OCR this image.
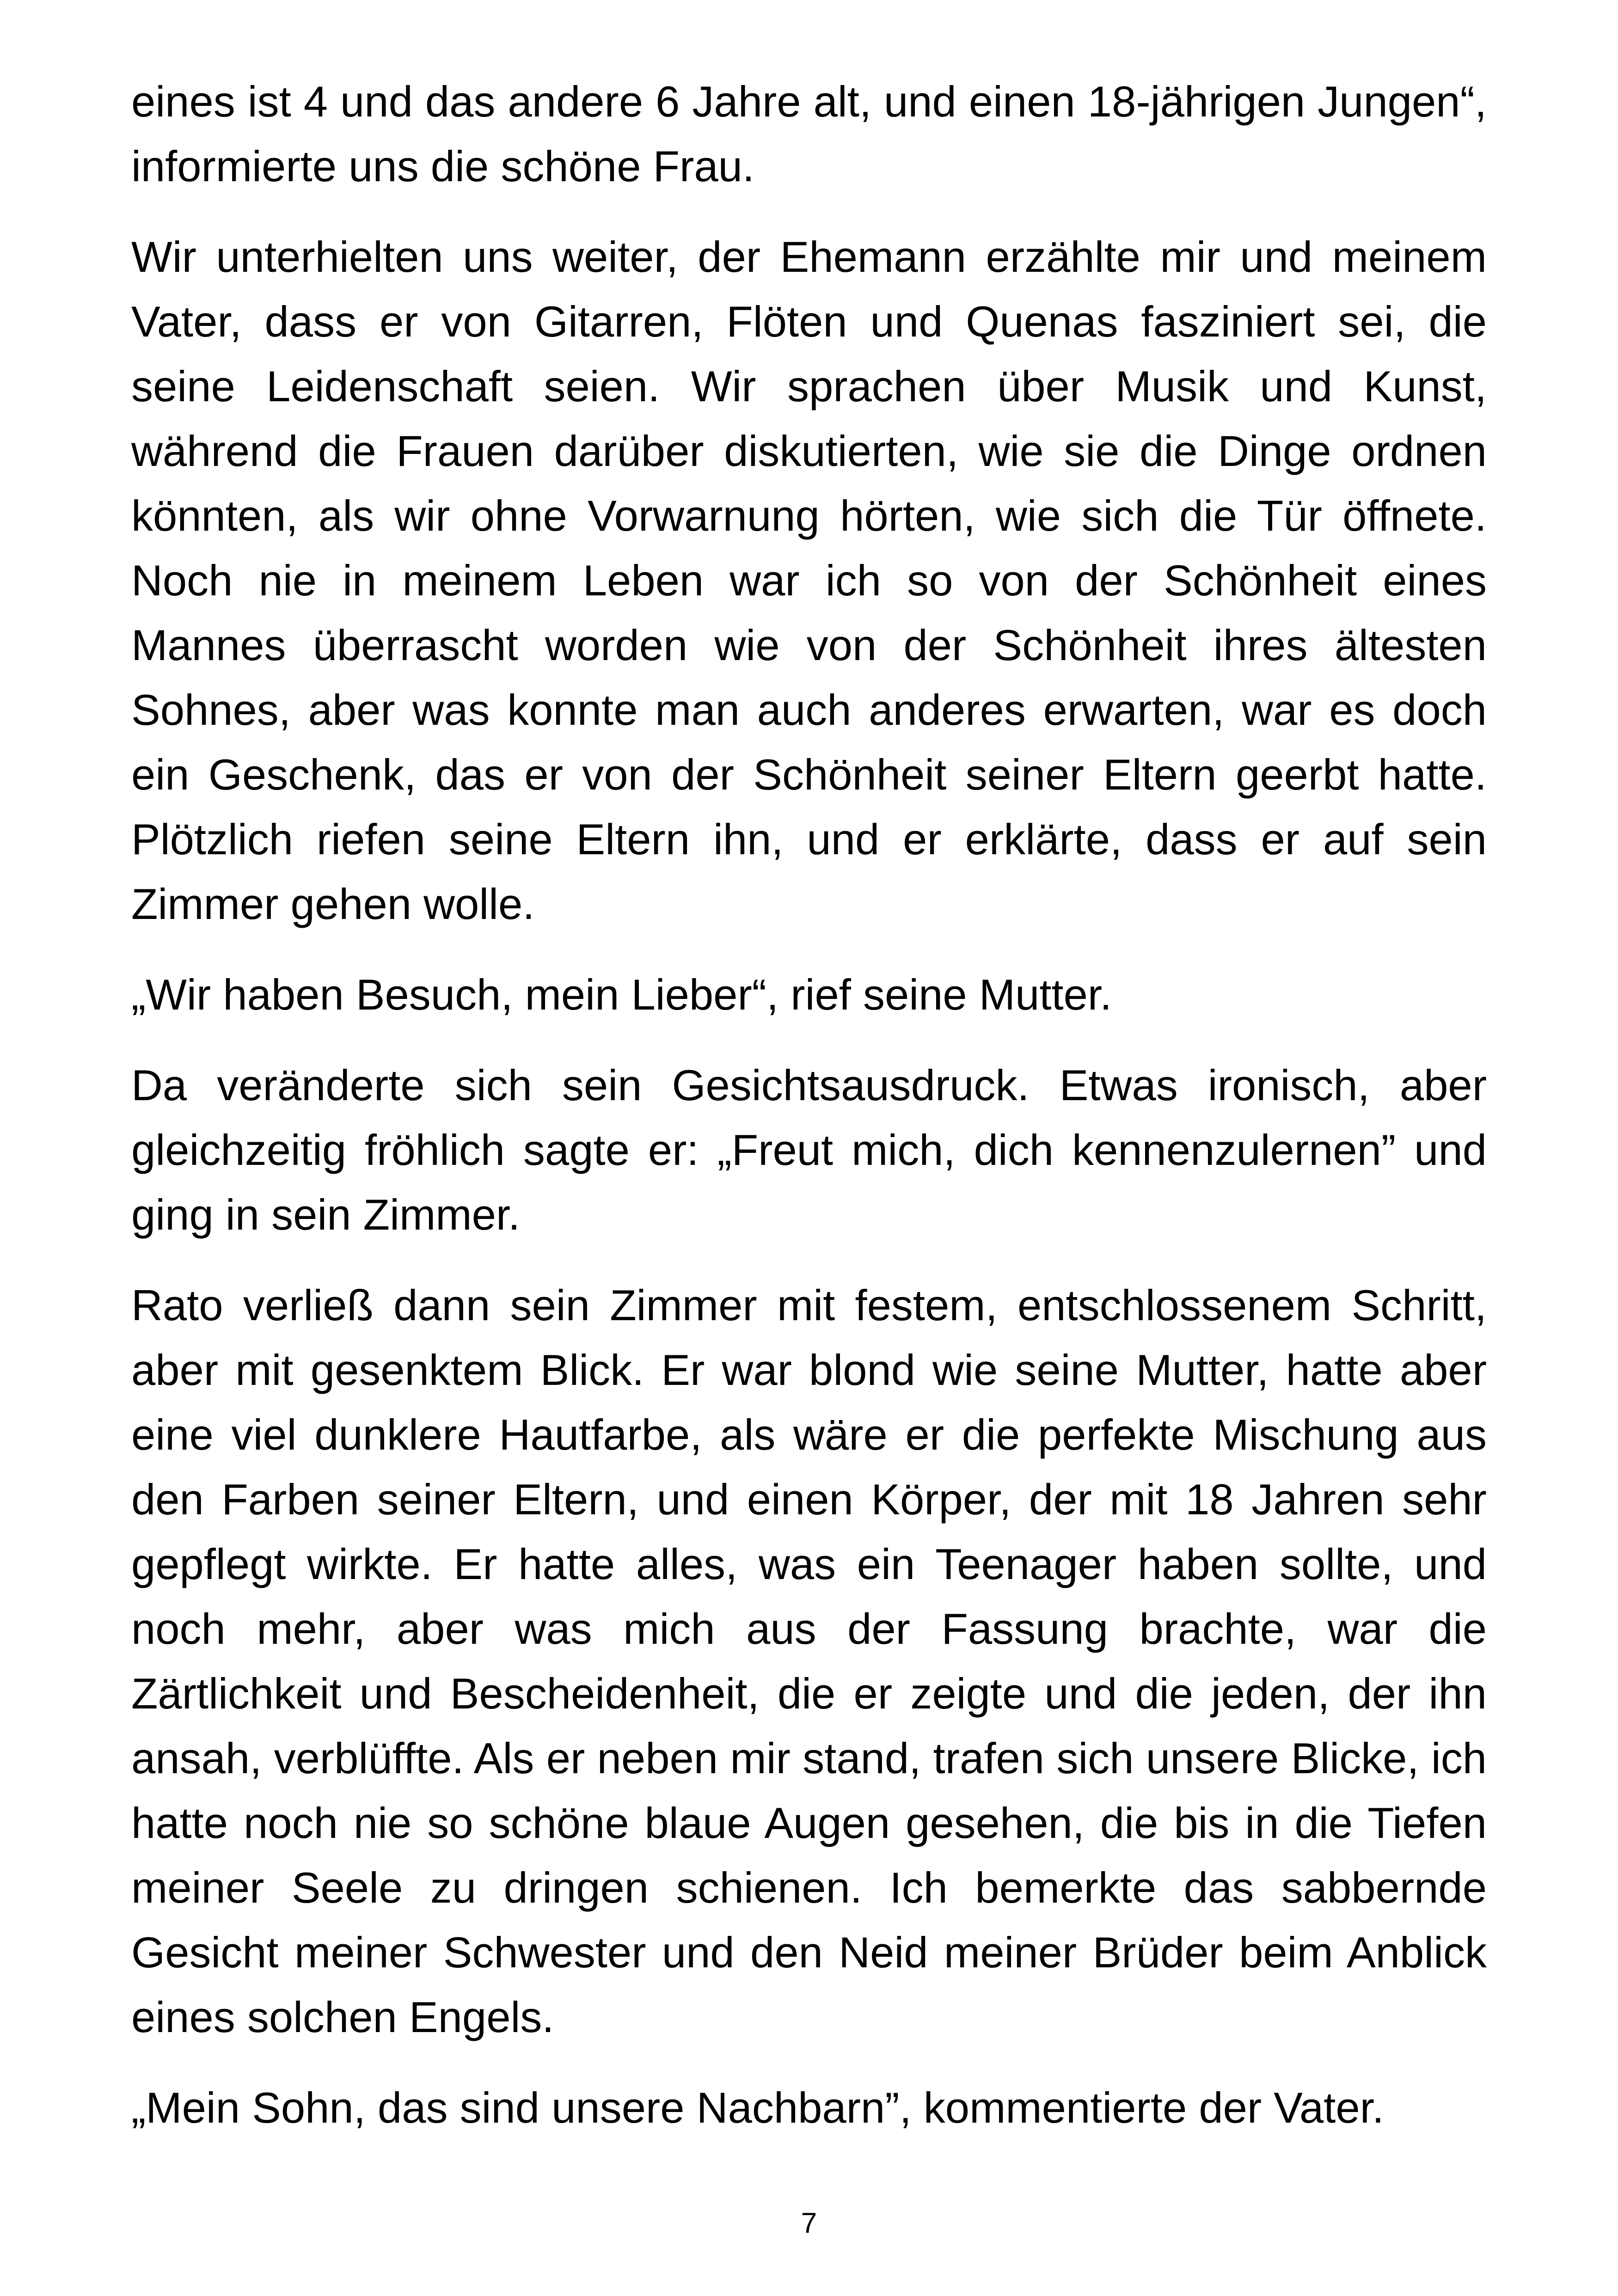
eines ist 4 und das andere 6 Jahre alt, und einen 18-jährigen Jungen“, informierte uns die schöne Frau.

Wir unterhielten uns weiter, der Ehemann erzählte mir und meinem Vater, dass er von Gitarren, Flöten und Quenas fasziniert sei, die seine Leidenschaft seien. Wir sprachen über Musik und Kunst, während die Frauen darüber diskutierten, wie sie die Dinge ordnen könnten, als wir ohne Vorwarnung hörten, wie sich die Tür öffnete. Noch nie in meinem Leben war ich so von der Schönheit eines Mannes überrascht worden wie von der Schönheit ihres ältesten Sohnes, aber was konnte man auch anderes erwarten, war es doch ein Geschenk, das er von der Schönheit seiner Eltern geerbt hatte. Plötzlich riefen seine Eltern ihn, und er erklärte, dass er auf sein Zimmer gehen wolle.

„Wir haben Besuch, mein Lieber“, rief seine Mutter.

Da veränderte sich sein Gesichtsausdruck. Etwas ironisch, aber gleichzeitig fröhlich sagte er: „Freut mich, dich kennenzulernen” und ging in sein Zimmer.

Rato verließ dann sein Zimmer mit festem, entschlossenem Schritt, aber mit gesenktem Blick. Er war blond wie seine Mutter, hatte aber eine viel dunklere Hautfarbe, als wäre er die perfekte Mischung aus den Farben seiner Eltern, und einen Körper, der mit 18 Jahren sehr gepflegt wirkte. Er hatte alles, was ein Teenager haben sollte, und noch mehr, aber was mich aus der Fassung brachte, war die Zärtlichkeit und Bescheidenheit, die er zeigte und die jeden, der ihn ansah, verblüffte. Als er neben mir stand, trafen sich unsere Blicke, ich hatte noch nie so schöne blaue Augen gesehen, die bis in die Tiefen meiner Seele zu dringen schienen. Ich bemerkte das sabbernde Gesicht meiner Schwester und den Neid meiner Brüder beim Anblick eines solchen Engels.

„Mein Sohn, das sind unsere Nachbarn”, kommentierte der Vater.

7
